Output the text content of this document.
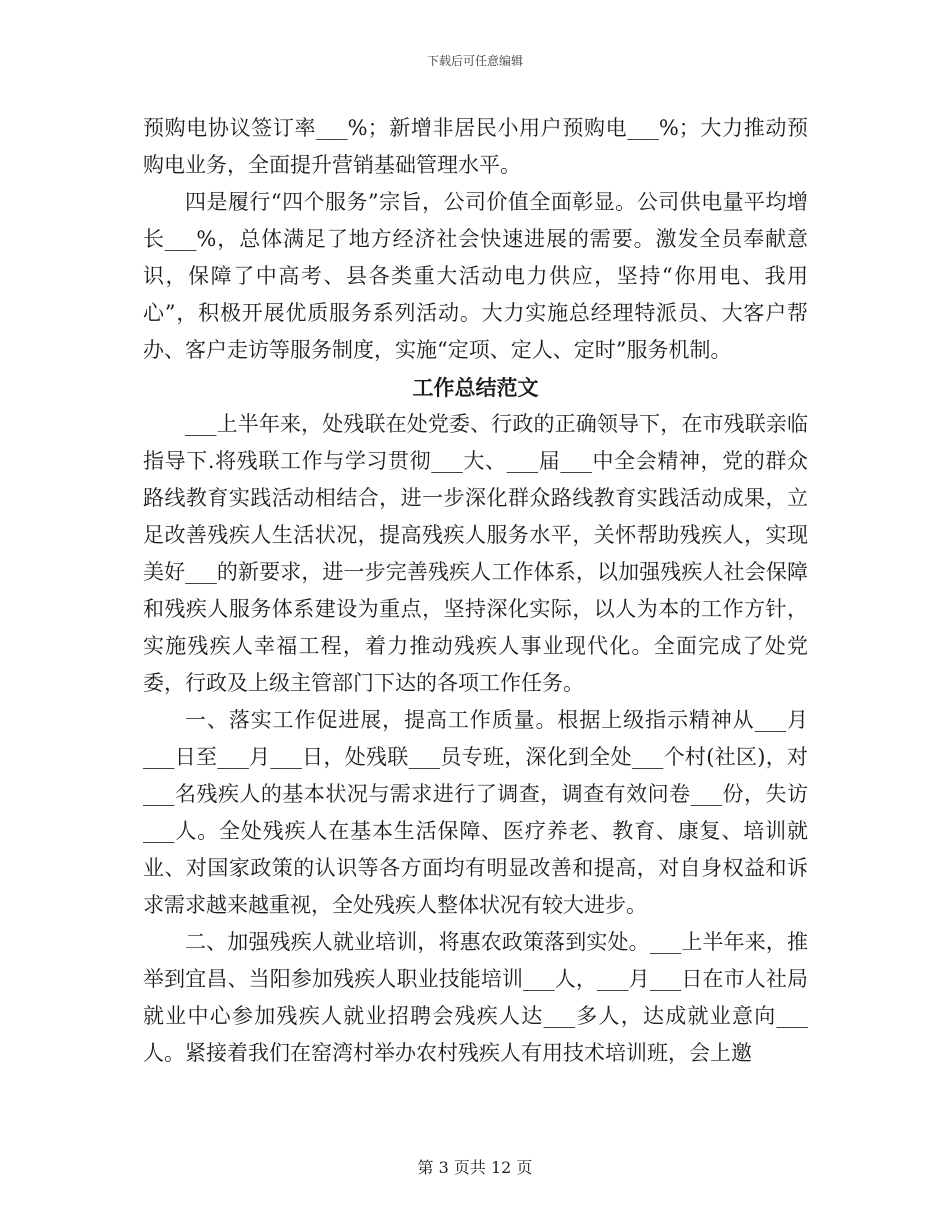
下载后可任意编辑

预购电协议签订率___%；新增非居民小用户预购电___%；大力推动预购电业务，全面提升营销基础管理水平。

四是履行“四个服务”宗旨，公司价值全面彰显。公司供电量平均增长___%，总体满足了地方经济社会快速进展的需要。激发全员奉献意识，保障了中高考、县各类重大活动电力供应，坚持“你用电、我用心”，积极开展优质服务系列活动。大力实施总经理特派员、大客户帮办、客户走访等服务制度，实施“定项、定人、定时”服务机制。

工作总结范文

___上半年来，处残联在处党委、行政的正确领导下，在市残联亲临指导下.将残联工作与学习贯彻___大、___届___中全会精神，党的群众路线教育实践活动相结合，进一步深化群众路线教育实践活动成果，立足改善残疾人生活状况，提高残疾人服务水平，关怀帮助残疾人，实现美好___的新要求，进一步完善残疾人工作体系，以加强残疾人社会保障和残疾人服务体系建设为重点，坚持深化实际，以人为本的工作方针，实施残疾人幸福工程，着力推动残疾人事业现代化。全面完成了处党委，行政及上级主管部门下达的各项工作任务。

一、落实工作促进展，提高工作质量。根据上级指示精神从___月___日至___月___日，处残联___员专班，深化到全处___个村(社区)，对___名残疾人的基本状况与需求进行了调查，调查有效问卷___份，失访___人。全处残疾人在基本生活保障、医疗养老、教育、康复、培训就业、对国家政策的认识等各方面均有明显改善和提高，对自身权益和诉求需求越来越重视，全处残疾人整体状况有较大进步。

二、加强残疾人就业培训，将惠农政策落到实处。___上半年来，推举到宜昌、当阳参加残疾人职业技能培训___人，___月___日在市人社局就业中心参加残疾人就业招聘会残疾人达___多人，达成就业意向___人。紧接着我们在窑湾村举办农村残疾人有用技术培训班，会上邀

第 3 页共 12 页
